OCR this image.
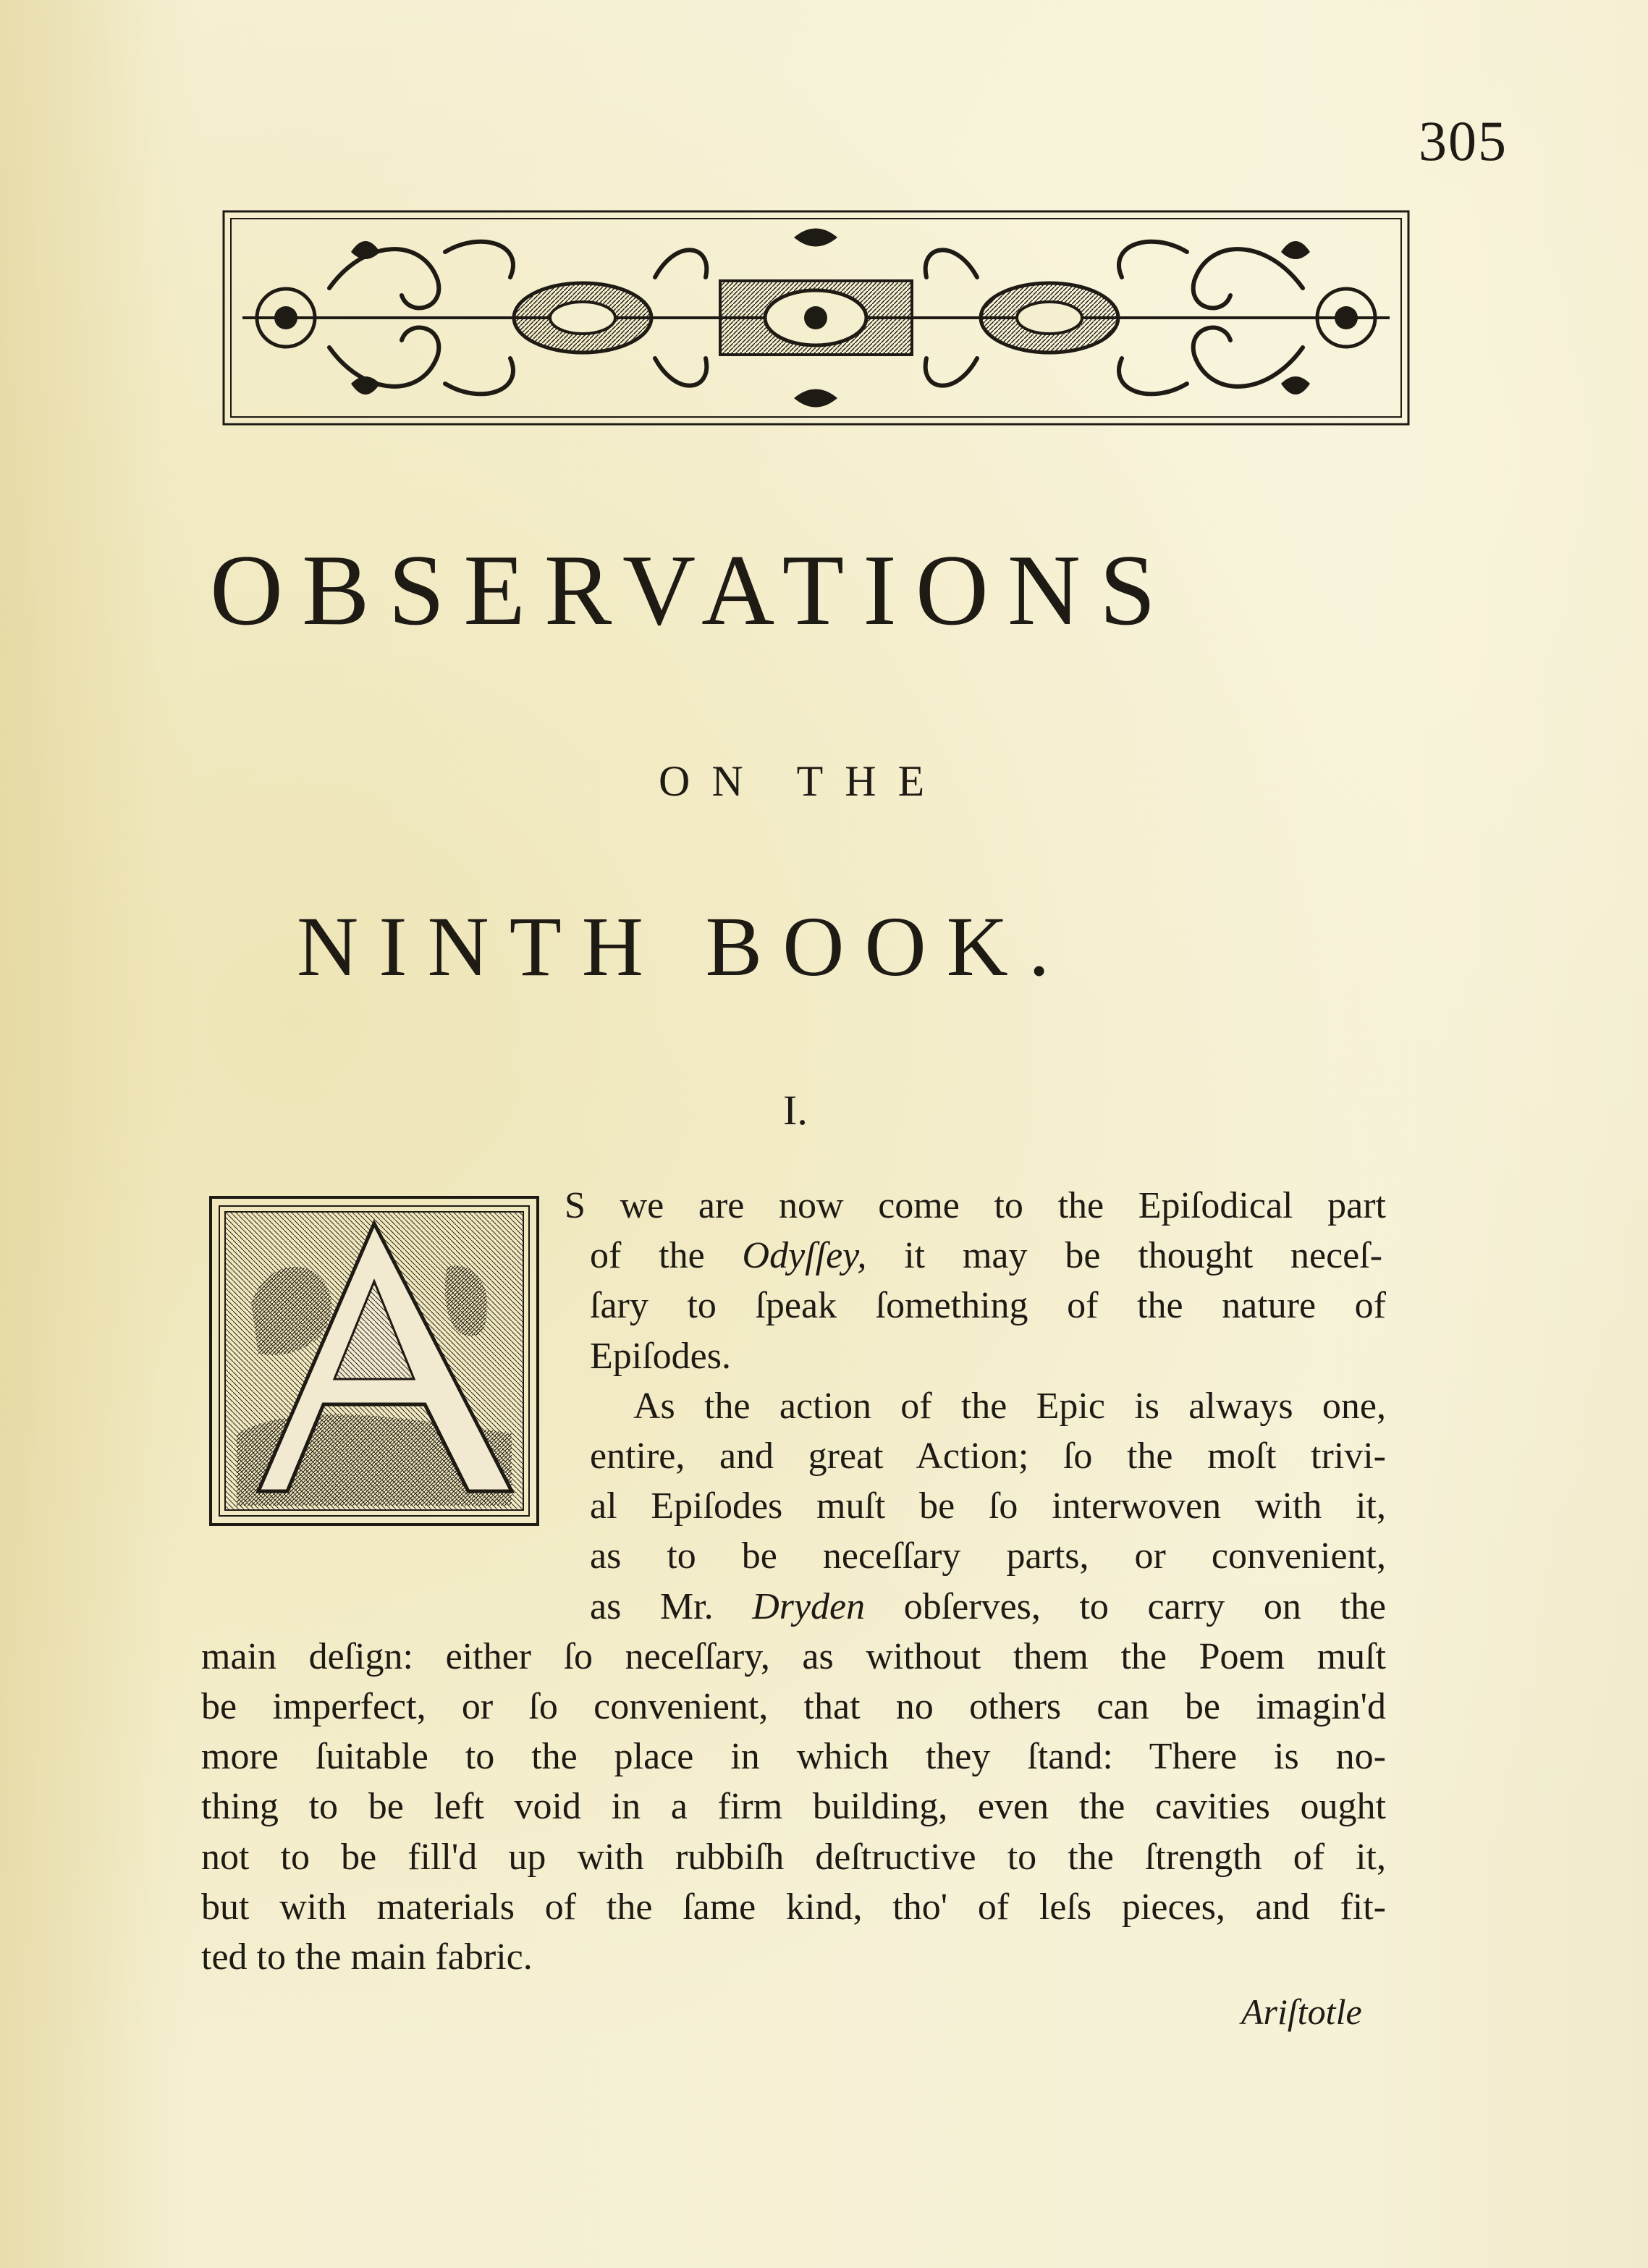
305
OBSERVATIONS
ON THE
NINTH BOOK.
I.
A	S we are now come to the Epiſodical part
of the Odyſſey, it may be thought neceſ-
ſary to ſpeak ſomething of the nature of
Epiſodes.
As the action of the Epic is always one,
entire, and great Action; ſo the moſt trivi-
al Epiſodes muſt be ſo interwoven with it,
as to be neceſſary parts, or convenient,
as Mr. Dryden obſerves, to carry on the
main deſign: either ſo neceſſary, as without them the Poem muſt
be imperfect, or ſo convenient, that no others can be imagin'd
more ſuitable to the place in which they ſtand: There is no-
thing to be left void in a firm building, even the cavities ought
not to be fill'd up with rubbiſh deſtructive to the ſtrength of it,
but with materials of the ſame kind, tho' of leſs pieces, and fit-
ted to the main fabric.
Ariſtotle
